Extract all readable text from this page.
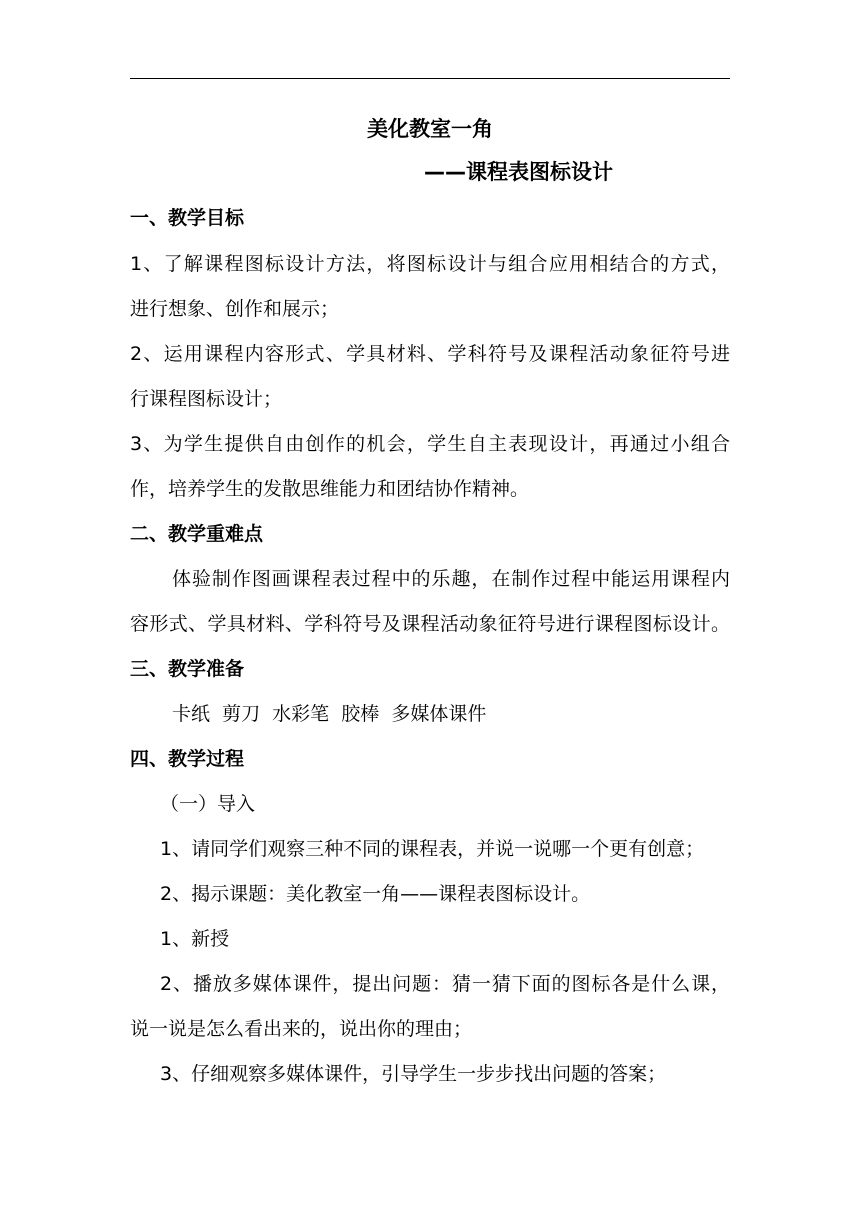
美化教室一角
——课程表图标设计
一、教学目标
1、了解课程图标设计方法，将图标设计与组合应用相结合的方式，
进行想象、创作和展示；
2、运用课程内容形式、学具材料、学科符号及课程活动象征符号进
行课程图标设计；
3、为学生提供自由创作的机会，学生自主表现设计，再通过小组合
作，培养学生的发散思维能力和团结协作精神。
二、教学重难点
体验制作图画课程表过程中的乐趣，在制作过程中能运用课程内
容形式、学具材料、学科符号及课程活动象征符号进行课程图标设计。
三、教学准备
卡纸  剪刀  水彩笔  胶棒  多媒体课件
四、教学过程
（一）导入
1、请同学们观察三种不同的课程表，并说一说哪一个更有创意；
2、揭示课题：美化教室一角——课程表图标设计。
1、新授
2、播放多媒体课件，提出问题：猜一猜下面的图标各是什么课，
说一说是怎么看出来的，说出你的理由；
3、仔细观察多媒体课件，引导学生一步步找出问题的答案；
